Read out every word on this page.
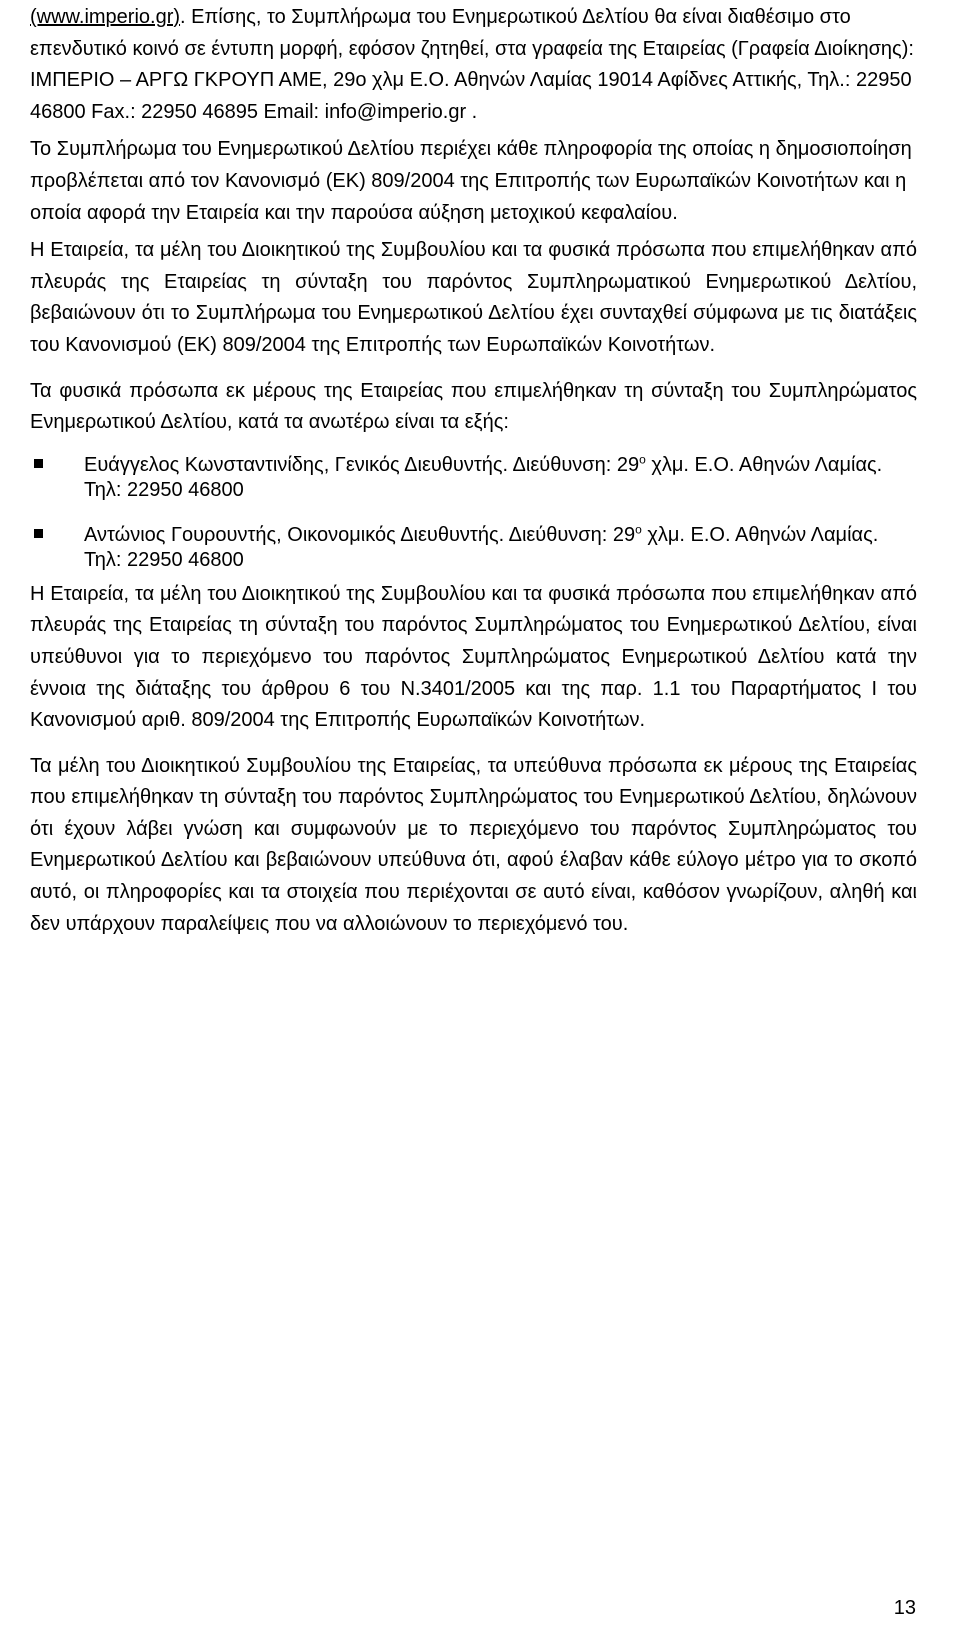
(www.imperio.gr). Επίσης, το Συμπλήρωμα του Ενημερωτικού Δελτίου θα είναι διαθέσιμο στο επενδυτικό κοινό σε έντυπη μορφή, εφόσον ζητηθεί, στα γραφεία της Εταιρείας (Γραφεία Διοίκησης): ΙΜΠΕΡΙΟ – ΑΡΓΩ ΓΚΡΟΥΠ ΑΜΕ, 29ο χλμ Ε.Ο. Αθηνών Λαμίας 19014 Αφίδνες Αττικής, Τηλ.: 22950 46800 Fax.: 22950 46895 Email: info@imperio.gr .

Το Συμπλήρωμα του Ενημερωτικού Δελτίου περιέχει κάθε πληροφορία της οποίας η δημοσιοποίηση προβλέπεται από τον Κανονισμό (ΕΚ) 809/2004 της Επιτροπής των Ευρωπαϊκών Κοινοτήτων και η οποία αφορά την Εταιρεία και την παρούσα αύξηση μετοχικού κεφαλαίου.

Η Εταιρεία, τα μέλη του Διοικητικού της Συμβουλίου και τα φυσικά πρόσωπα που επιμελήθηκαν από πλευράς της Εταιρείας τη σύνταξη του παρόντος Συμπληρωματικού Ενημερωτικού Δελτίου, βεβαιώνουν ότι το Συμπλήρωμα του Ενημερωτικού Δελτίου έχει συνταχθεί σύμφωνα με τις διατάξεις του Κανονισμού (ΕΚ) 809/2004 της Επιτροπής των Ευρωπαϊκών Κοινοτήτων.

Τα φυσικά πρόσωπα εκ μέρους της Εταιρείας που επιμελήθηκαν τη σύνταξη του Συμπληρώματος Ενημερωτικού Δελτίου, κατά τα ανωτέρω είναι τα εξής:

Ευάγγελος Κωνσταντινίδης, Γενικός Διευθυντής. Διεύθυνση: $29^o$ χλμ. Ε.Ο. Αθηνών Λαμίας. Τηλ: 22950 46800
Αντώνιος Γουρουντής, Οικονομικός Διευθυντής. Διεύθυνση: $29^o$ χλμ. Ε.Ο. Αθηνών Λαμίας. Τηλ: 22950 46800

Η Εταιρεία, τα μέλη του Διοικητικού της Συμβουλίου και τα φυσικά πρόσωπα που επιμελήθηκαν από πλευράς της Εταιρείας τη σύνταξη του παρόντος Συμπληρώματος του Ενημερωτικού Δελτίου, είναι υπεύθυνοι για το περιεχόμενο του παρόντος Συμπληρώματος Ενημερωτικού Δελτίου κατά την έννοια της διάταξης του άρθρου 6 του Ν.3401/2005 και της παρ. 1.1 του Παραρτήματος Ι του Κανονισμού αριθ. 809/2004 της Επιτροπής Ευρωπαϊκών Κοινοτήτων.

Τα μέλη του Διοικητικού Συμβουλίου της Εταιρείας, τα υπεύθυνα πρόσωπα εκ μέρους της Εταιρείας που επιμελήθηκαν τη σύνταξη του παρόντος Συμπληρώματος του Ενημερωτικού Δελτίου, δηλώνουν ότι έχουν λάβει γνώση και συμφωνούν με το περιεχόμενο του παρόντος Συμπληρώματος του Ενημερωτικού Δελτίου και βεβαιώνουν υπεύθυνα ότι, αφού έλαβαν κάθε εύλογο μέτρο για το σκοπό αυτό, οι πληροφορίες και τα στοιχεία που περιέχονται σε αυτό είναι, καθόσον γνωρίζουν, αληθή και δεν υπάρχουν παραλείψεις που να αλλοιώνουν το περιεχόμενό του.

13
